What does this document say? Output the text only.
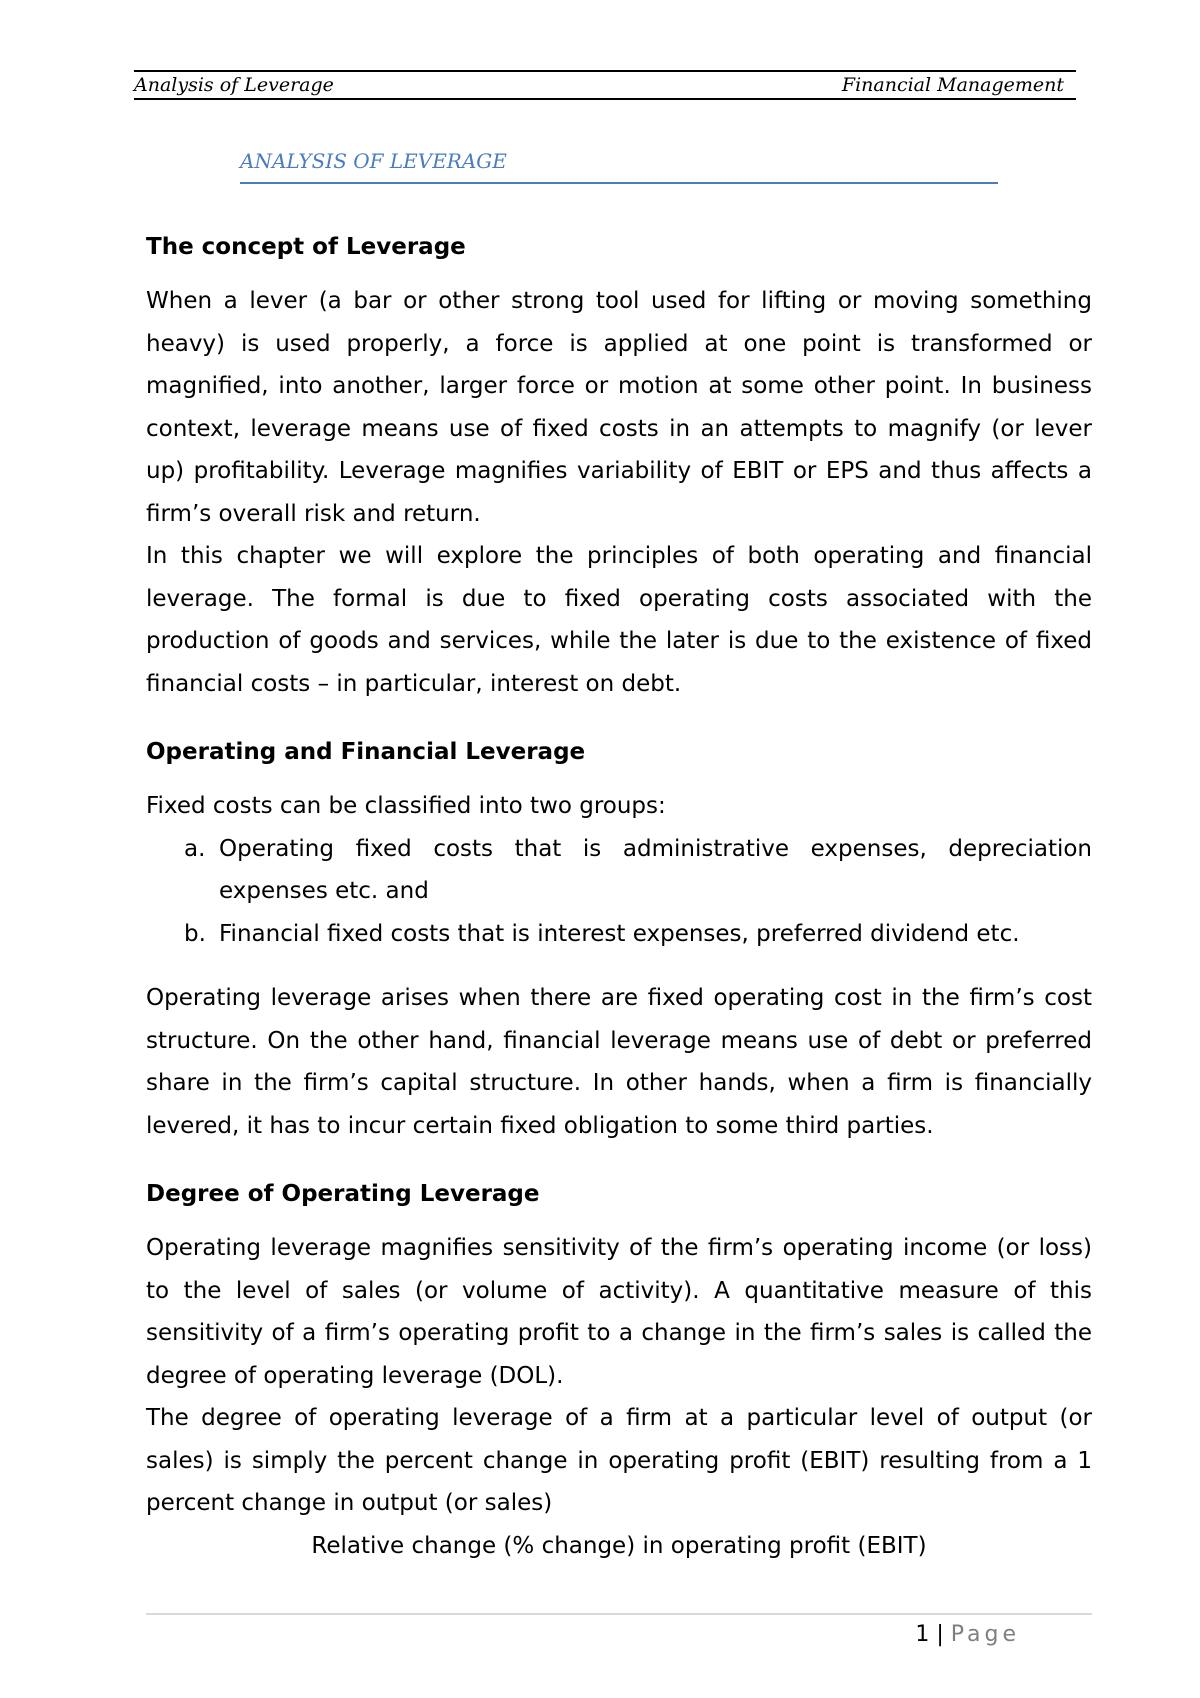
Analysis of Leverage	Financial Management
ANALYSIS OF LEVERAGE
The concept of Leverage

When a lever (a bar or other strong tool used for lifting or moving something heavy) is used properly, a force is applied at one point is transformed or magnified, into another, larger force or motion at some other point. In business context, leverage means use of fixed costs in an attempts to magnify (or lever up) profitability. Leverage magnifies variability of EBIT or EPS and thus affects a firm’s overall risk and return.

In this chapter we will explore the principles of both operating and financial leverage. The formal is due to fixed operating costs associated with the production of goods and services, while the later is due to the existence of fixed financial costs – in particular, interest on debt.

Operating and Financial Leverage

Fixed costs can be classified into two groups:

a. Operating fixed costs that is administrative expenses, depreciation expenses etc. and
b. Financial fixed costs that is interest expenses, preferred dividend etc.

Operating leverage arises when there are fixed operating cost in the firm’s cost structure. On the other hand, financial leverage means use of debt or preferred share in the firm’s capital structure. In other hands, when a firm is financially levered, it has to incur certain fixed obligation to some third parties.

Degree of Operating Leverage

Operating leverage magnifies sensitivity of the firm’s operating income (or loss) to the level of sales (or volume of activity). A quantitative measure of this sensitivity of a firm’s operating profit to a change in the firm’s sales is called the degree of operating leverage (DOL).

The degree of operating leverage of a firm at a particular level of output (or sales) is simply the percent change in operating profit (EBIT) resulting from a 1 percent change in output (or sales)

Relative change (% change) in operating profit (EBIT)

1 | Page
